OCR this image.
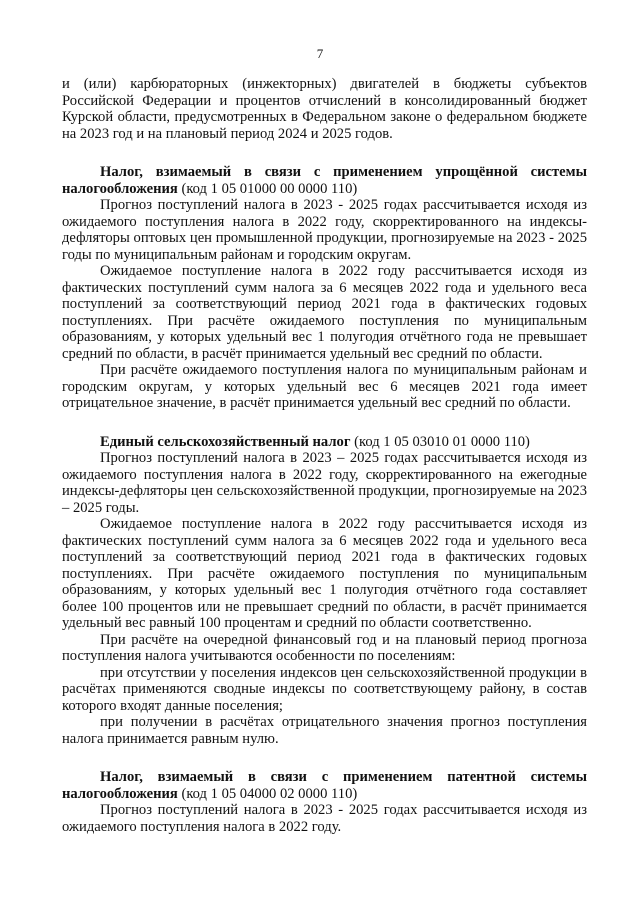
7

и (или) карбюраторных (инжекторных) двигателей в бюджеты субъектов Российской Федерации и процентов отчислений в консолидированный бюджет Курской области, предусмотренных в Федеральном законе о федеральном бюджете на 2023 год и на плановый период 2024 и 2025 годов.

Налог, взимаемый в связи с применением упрощённой системы налогообложения (код 1 05 01000 00 0000 110)

Прогноз поступлений налога в 2023 - 2025 годах рассчитывается исходя из ожидаемого поступления налога в 2022 году, скорректированного на индексы-дефляторы оптовых цен промышленной продукции, прогнозируемые на 2023 - 2025 годы по муниципальным районам и городским округам.

Ожидаемое поступление налога в 2022 году рассчитывается исходя из фактических поступлений сумм налога за 6 месяцев 2022 года и удельного веса поступлений за соответствующий период 2021 года в фактических годовых поступлениях. При расчёте ожидаемого поступления по муниципальным образованиям, у которых удельный вес 1 полугодия отчётного года не превышает средний по области, в расчёт принимается удельный вес средний по области.

При расчёте ожидаемого поступления налога по муниципальным районам и городским округам, у которых удельный вес 6 месяцев 2021 года имеет отрицательное значение, в расчёт принимается удельный вес средний по области.

Единый сельскохозяйственный налог (код 1 05 03010 01 0000 110)

Прогноз поступлений налога в 2023 – 2025 годах рассчитывается исходя из ожидаемого поступления налога в 2022 году, скорректированного на ежегодные индексы-дефляторы цен сельскохозяйственной продукции, прогнозируемые на 2023 – 2025 годы.

Ожидаемое поступление налога в 2022 году рассчитывается исходя из фактических поступлений сумм налога за 6 месяцев 2022 года и удельного веса поступлений за соответствующий период 2021 года в фактических годовых поступлениях. При расчёте ожидаемого поступления по муниципальным образованиям, у которых удельный вес 1 полугодия отчётного года составляет более 100 процентов или не превышает средний по области, в расчёт принимается удельный вес равный 100 процентам и средний по области соответственно.

При расчёте на очередной финансовый год и на плановый период прогноза поступления налога учитываются особенности по поселениям:

при отсутствии у поселения индексов цен сельскохозяйственной продукции в расчётах применяются сводные индексы по соответствующему району, в состав которого входят данные поселения;

при получении в расчётах отрицательного значения прогноз поступления налога принимается равным нулю.

Налог, взимаемый в связи с применением патентной системы налогообложения (код 1 05 04000 02 0000 110)

Прогноз поступлений налога в 2023 - 2025 годах рассчитывается исходя из ожидаемого поступления налога в 2022 году.
